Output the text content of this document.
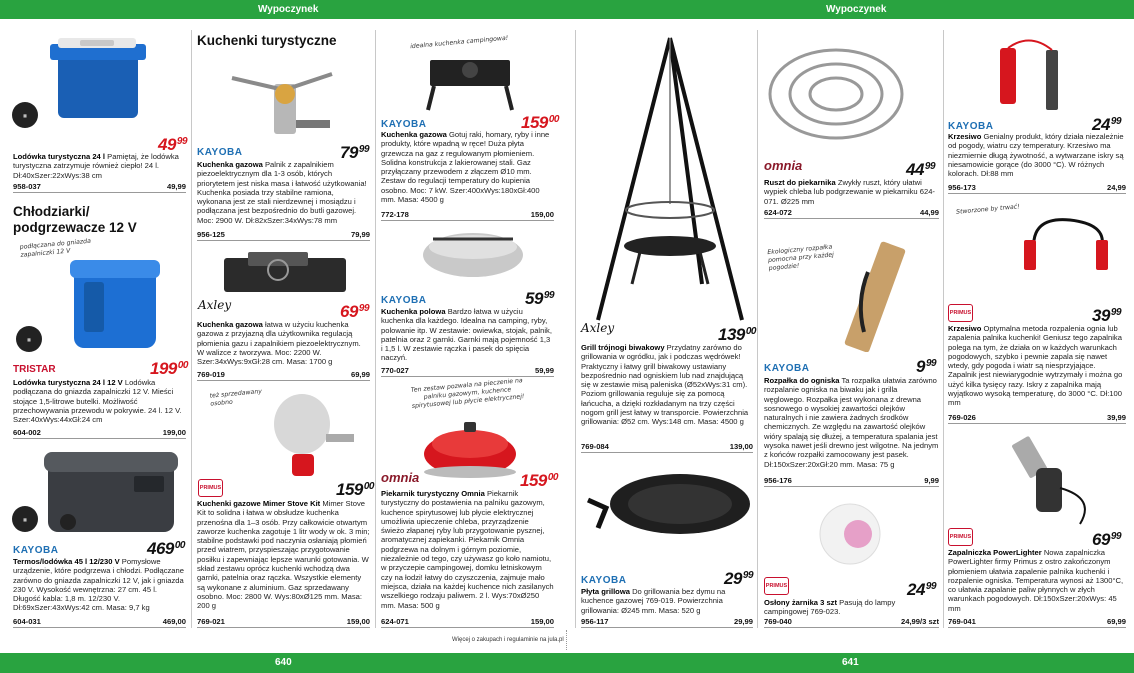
Wypoczynek	Wypoczynek
▦
$49^{99}$
Lodówka turystyczna 24 l Pamiętaj, że lodówka turystyczna zatrzymuje również ciepło! 24 l. Dł:40xSzer:22xWys:38 cm
958-037	49,99
Chłodziarki/ podgrzewacze 12 V
podłączana do gniazda zapalniczki 12 V
▦
TRISTAR	$199^{00}$
Lodówka turystyczna 24 l 12 V Lodówka podłączana do gniazda zapalniczki 12 V. Mieści stojące 1,5-litrowe butelki. Możliwość przechowywania przewodu w pokrywie. 24 l. 12 V. Szer:40xWys:44xGł:24 cm
604-002	199,00
▦
KAYOBA	$469^{00}$
Termos/lodówka 45 l 12/230 V Pomysłowe urządzenie, które podgrzewa i chłodzi. Podłączane zarówno do gniazda zapalniczki 12 V, jak i gniazda 230 V. Wysokość wewnętrzna: 27 cm. 45 l. Długość kabla: 1,8 m. 12/230 V. Dł:69xSzer:43xWys:42 cm. Masa: 9,7 kg
604-031	469,00
Kuchenki turystyczne
KAYOBA	$79^{99}$
Kuchenka gazowa Palnik z zapalnikiem piezoelektrycznym dla 1-3 osób, których priorytetem jest niska masa i łatwość użytkowania! Kuchenka posiada trzy stabilne ramiona, wykonana jest ze stali nierdzewnej i mosiądzu i podłączana jest bezpośrednio do butli gazowej. Moc: 2900 W. Dł:82xSzer:34xWys:78 mm
956-125	79,99
Axley	$69^{99}$
Kuchenka gazowa łatwa w użyciu kuchenka gazowa z przyjazną dla użytkownika regulacją płomienia gazu i zapalnikiem piezoelektrycznym. W walizce z tworzywa. Moc: 2200 W. Szer:34xWys:9xGł:28 cm. Masa: 1700 g
769-019	69,99
też sprzedawany osobno
PRIMUS	$159^{00}$
Kuchenki gazowe Mimer Stove Kit Mimer Stove Kit to solidna i łatwa w obsłudze kuchenka przenośna dla 1–3 osób. Przy całkowicie otwartym zaworze kuchenka zagotuje 1 litr wody w ok. 3 min; stabilne podstawki pod naczynia osłaniają płomień przed wiatrem, przyspieszając przygotowanie posiłku i zapewniając lepsze warunki gotowania. W skład zestawu oprócz kuchenki wchodzą dwa garnki, patelnia oraz rączka. Wszystkie elementy są wykonane z aluminium. Gaz sprzedawany osobno. Moc: 2800 W. Wys:80xØ125 mm. Masa: 200 g
769-021	159,00
idealna kuchenka campingowa!
KAYOBA	$159^{00}$
Kuchenka gazowa Gotuj raki, homary, ryby i inne produkty, które wpadną w ręce! Duża płyta grzewcza na gaz z regulowanym płomieniem. Solidna konstrukcja z lakierowanej stali. Gaz przyłączany przewodem z złączem Ø10 mm. Zestaw do regulacji temperatury do kupienia osobno. Moc: 7 kW. Szer:400xWys:180xGł:400 mm. Masa: 4500 g
772-178	159,00
KAYOBA	$59^{99}$
Kuchenka polowa Bardzo łatwa w użyciu kuchenka dla każdego. Idealna na camping, ryby, polowanie itp. W zestawie: owiewka, stojak, palnik, patelnia oraz 2 garnki. Garnki mają pojemność 1,3 i 1,5 l. W zestawie rączka i pasek do spięcia naczyń.
770-027	59,99
Ten zestaw pozwala na pieczenie na palniku gazowym, kuchence spirytusowej lub płycie elektrycznej!
omnia	$159^{00}$
Piekarnik turystyczny Omnia Piekarnik turystyczny do postawienia na palniku gazowym, kuchence spirytusowej lub płycie elektrycznej umożliwia upieczenie chleba, przyrządzenie świeżo złapanej ryby lub przygotowanie pysznej, aromatycznej zapiekanki. Piekarnik Omnia podgrzewa na dolnym i górnym poziomie, niezależnie od tego, czy używasz go koło namiotu, w przyczepie campingowej, domku letniskowym czy na łodzi! łatwy do czyszczenia, zajmuje mało miejsca, działa na każdej kuchence nich zasilanych wszelkiego rodzaju paliwem. 2 l. Wys:70xØ250 mm. Masa: 500 g
624-071	159,00
Więcej o zakupach i regulaminie na jula.pl
Axley	$139^{00}$
Grill trójnogi biwakowy Przydatny zarówno do grillowania w ogródku, jak i podczas wędrówek! Praktyczny i łatwy grill biwakowy ustawiany bezpośrednio nad ogniskiem lub nad znajdującą się w zestawie misą paleniska (Ø52xWys:31 cm). Poziom grillowania reguluje się za pomocą łańcucha, a dzięki rozkładanym na trzy części nogom grill jest łatwy w transporcie. Powierzchnia grillowania: Ø52 cm. Wys:148 cm. Masa: 4500 g
769-084	139,00
KAYOBA	$29^{99}$
Płyta grillowa Do grillowania bez dymu na kuchence gazowej 769-019. Powierzchnia grillowania: Ø245 mm. Masa: 520 g
956-117	29,99
omnia	$44^{99}$
Ruszt do piekarnika Zwykły ruszt, który ułatwi wypiek chleba lub podgrzewanie w piekarniku 624-071. Ø225 mm
624-072	44,99
Ekologiczny rozpałka pomocna przy każdej pogodzie!
KAYOBA	$9^{99}$
Rozpałka do ogniska Ta rozpałka ułatwia zarówno rozpalanie ogniska na biwaku jak i grilla węglowego. Rozpałka jest wykonana z drewna sosnowego o wysokiej zawartości olejków naturalnych i nie zawiera żadnych środków chemicznych. Ze względu na zawartość olejków wióry spalają się dłużej, a temperatura spalania jest wysoka nawet jeśli drewno jest wilgotne. Na jednym z końców rozpałki zamocowany jest pasek. Dł:150xSzer:20xGł:20 mm. Masa: 75 g
956-176	9,99
PRIMUS	$24^{99}$
Osłony żarnika 3 szt Pasują do lampy campingowej 769-023.
769-040	24,99/3 szt
KAYOBA	$24^{99}$
Krzesiwo Genialny produkt, który działa niezależnie od pogody, wiatru czy temperatury. Krzesiwo ma niezmiernie długą żywotność, a wytwarzane iskry są niesamowicie gorące (do 3000 °C). W różnych kolorach. Dł:88 mm
956-173	24,99
Stworzone by trwać!
PRIMUS	$39^{99}$
Krzesiwo Optymalna metoda rozpalenia ognia lub zapalenia palnika kuchenki! Geniusz tego zapalnika polega na tym, że działa on w każdych warunkach pogodowych, szybko i pewnie zapala się nawet wtedy, gdy pogoda i wiatr są niesprzyjające. Zapalnik jest niewiarygodnie wytrzymały i można go użyć kilka tysięcy razy. Iskry z zapalnika mają wyjątkowo wysoką temperaturę, do 3000 °C. Dł:100 mm
769-026	39,99
PRIMUS	$69^{99}$
Zapalniczka PowerLighter Nowa zapalniczka PowerLighter firmy Primus z ostro zakończonym płomieniem ułatwia zapalenie palnika kuchenki i rozpalenie ogniska. Temperatura wynosi aż 1300°C, co ułatwia zapalanie paliw płynnych w złych warunkach pogodowych. Dł:150xSzer:20xWys: 45 mm
769-041	69,99
640	641
